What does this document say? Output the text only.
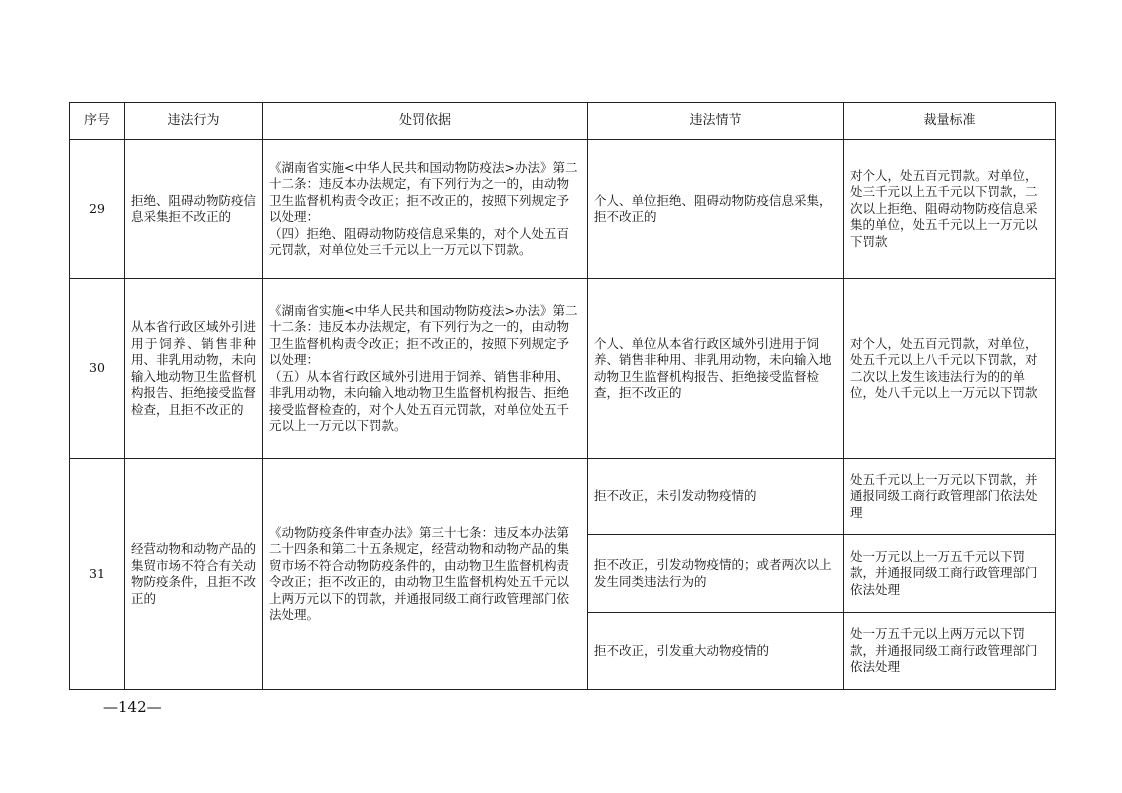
序号	违法行为	处罚依据	违法情节	裁量标准
29	拒绝、阻碍动物防疫信息采集拒不改正的	《湖南省实施<中华人民共和国动物防疫法>办法》第二十二条：违反本办法规定，有下列行为之一的，由动物卫生监督机构责令改正；拒不改正的，按照下列规定予以处理：
（四）拒绝、阻碍动物防疫信息采集的，对个人处五百元罚款，对单位处三千元以上一万元以下罚款。	个人、单位拒绝、阻碍动物防疫信息采集，拒不改正的	对个人，处五百元罚款。对单位，处三千元以上五千元以下罚款，二次以上拒绝、阻碍动物防疫信息采集的单位，处五千元以上一万元以下罚款
30	从本省行政区域外引进用于饲养、销售非种用、非乳用动物，未向输入地动物卫生监督机构报告、拒绝接受监督检查，且拒不改正的	《湖南省实施<中华人民共和国动物防疫法>办法》第二十二条：违反本办法规定，有下列行为之一的，由动物卫生监督机构责令改正；拒不改正的，按照下列规定予以处理：
（五）从本省行政区域外引进用于饲养、销售非种用、非乳用动物，未向输入地动物卫生监督机构报告、拒绝接受监督检查的，对个人处五百元罚款，对单位处五千元以上一万元以下罚款。	个人、单位从本省行政区域外引进用于饲养、销售非种用、非乳用动物，未向输入地动物卫生监督机构报告、拒绝接受监督检查，拒不改正的	对个人，处五百元罚款，对单位，处五千元以上八千元以下罚款，对二次以上发生该违法行为的的单位，处八千元以上一万元以下罚款
31	经营动物和动物产品的集贸市场不符合有关动物防疫条件，且拒不改正的	《动物防疫条件审查办法》第三十七条：违反本办法第二十四条和第二十五条规定，经营动物和动物产品的集贸市场不符合动物防疫条件的，由动物卫生监督机构责令改正；拒不改正的，由动物卫生监督机构处五千元以上两万元以下的罚款，并通报同级工商行政管理部门依法处理。	拒不改正，未引发动物疫情的	处五千元以上一万元以下罚款，并通报同级工商行政管理部门依法处理
			拒不改正，引发动物疫情的；或者两次以上发生同类违法行为的	处一万元以上一万五千元以下罚款，并通报同级工商行政管理部门依法处理
			拒不改正，引发重大动物疫情的	处一万五千元以上两万元以下罚款，并通报同级工商行政管理部门依法处理
—142—
